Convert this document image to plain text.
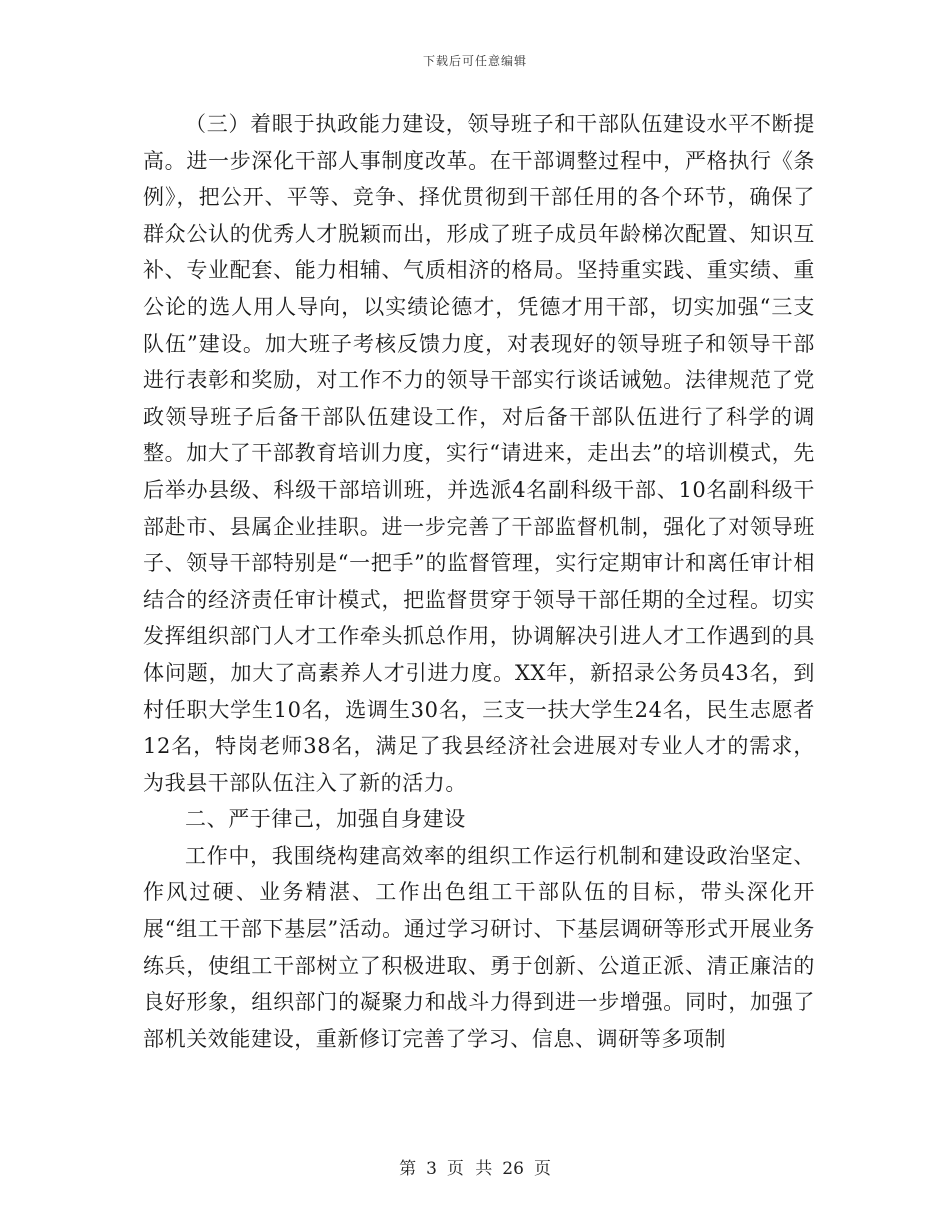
下载后可任意编辑

（三）着眼于执政能力建设，领导班子和干部队伍建设水平不断提高。进一步深化干部人事制度改革。在干部调整过程中，严格执行《条例》，把公开、平等、竞争、择优贯彻到干部任用的各个环节，确保了群众公认的优秀人才脱颖而出，形成了班子成员年龄梯次配置、知识互补、专业配套、能力相辅、气质相济的格局。坚持重实践、重实绩、重公论的选人用人导向，以实绩论德才，凭德才用干部，切实加强“三支队伍”建设。加大班子考核反馈力度，对表现好的领导班子和领导干部进行表彰和奖励，对工作不力的领导干部实行谈话诫勉。法律规范了党政领导班子后备干部队伍建设工作，对后备干部队伍进行了科学的调整。加大了干部教育培训力度，实行“请进来，走出去”的培训模式，先后举办县级、科级干部培训班，并选派4名副科级干部、10名副科级干部赴市、县属企业挂职。进一步完善了干部监督机制，强化了对领导班子、领导干部特别是“一把手”的监督管理，实行定期审计和离任审计相结合的经济责任审计模式，把监督贯穿于领导干部任期的全过程。切实发挥组织部门人才工作牵头抓总作用，协调解决引进人才工作遇到的具体问题，加大了高素养人才引进力度。XX年，新招录公务员43名，到村任职大学生10名，选调生30名，三支一扶大学生24名，民生志愿者12名，特岗老师38名，满足了我县经济社会进展对专业人才的需求，为我县干部队伍注入了新的活力。

二、严于律己，加强自身建设

工作中，我围绕构建高效率的组织工作运行机制和建设政治坚定、作风过硬、业务精湛、工作出色组工干部队伍的目标，带头深化开展“组工干部下基层”活动。通过学习研讨、下基层调研等形式开展业务练兵，使组工干部树立了积极进取、勇于创新、公道正派、清正廉洁的良好形象，组织部门的凝聚力和战斗力得到进一步增强。同时，加强了部机关效能建设，重新修订完善了学习、信息、调研等多项制

第 3 页 共 26 页
